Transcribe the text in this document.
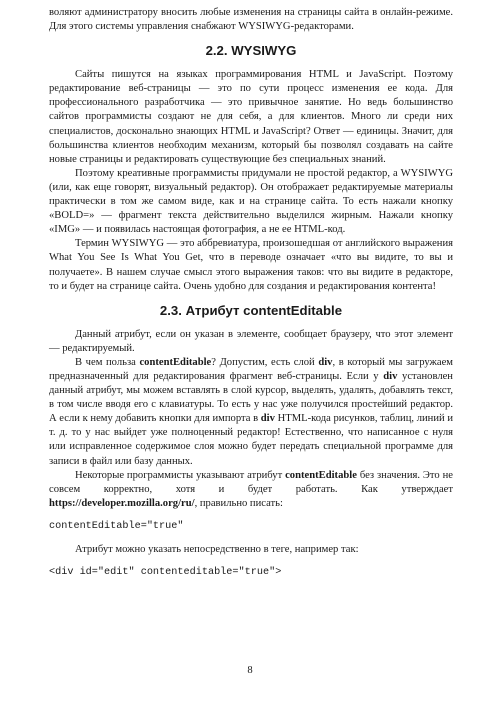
воляют администратору вносить любые изменения на страницы сайта в онлайн-режиме. Для этого системы управления снабжают WYSIWYG-редакторами.

2.2. WYSIWYG

Сайты пишутся на языках программирования HTML и JavaScript. Поэтому редактирование веб-страницы — это по сути процесс изменения ее кода. Для профессионального разработчика — это привычное занятие. Но ведь большинство сайтов программисты создают не для себя, а для клиентов. Много ли среди них специалистов, досконально знающих HTML и JavaScript? Ответ — единицы. Значит, для большинства клиентов необходим механизм, который бы позволял создавать на сайте новые страницы и редактировать существующие без специальных знаний.

Поэтому креативные программисты придумали не простой редактор, а WYSIWYG (или, как еще говорят, визуальный редактор). Он отображает редактируемые материалы практически в том же самом виде, как и на странице сайта. То есть нажали кнопку «BOLD=» — фрагмент текста действительно выделился жирным. Нажали кнопку «IMG» — и появилась настоящая фотография, а не ее HTML-код.

Термин WYSIWYG — это аббревиатура, произошедшая от английского выражения What You See Is What You Get, что в переводе означает «что вы видите, то вы и получаете». В нашем случае смысл этого выражения таков: что вы видите в редакторе, то и будет на странице сайта. Очень удобно для создания и редактирования контента!

2.3. Атрибут contentEditable

Данный атрибут, если он указан в элементе, сообщает браузеру, что этот элемент — редактируемый.

В чем польза contentEditable? Допустим, есть слой div, в который мы загружаем предназначенный для редактирования фрагмент веб-страницы. Если у div установлен данный атрибут, мы можем вставлять в слой курсор, выделять, удалять, добавлять текст, в том числе вводя его с клавиатуры. То есть у нас уже получился простейший редактор. А если к нему добавить кнопки для импорта в div HTML-кода рисунков, таблиц, линий и т. д. то у нас выйдет уже полноценный редактор! Естественно, что написанное с нуля или исправленное содержимое слоя можно будет передать специальной программе для записи в файл или базу данных.

Некоторые программисты указывают атрибут contentEditable без значения. Это не совсем корректно, хотя и будет работать. Как утверждает https://developer.mozilla.org/ru/, правильно писать:

contentEditable="true"

Атрибут можно указать непосредственно в теге, например так:

<div id="edit" contenteditable="true">
8
